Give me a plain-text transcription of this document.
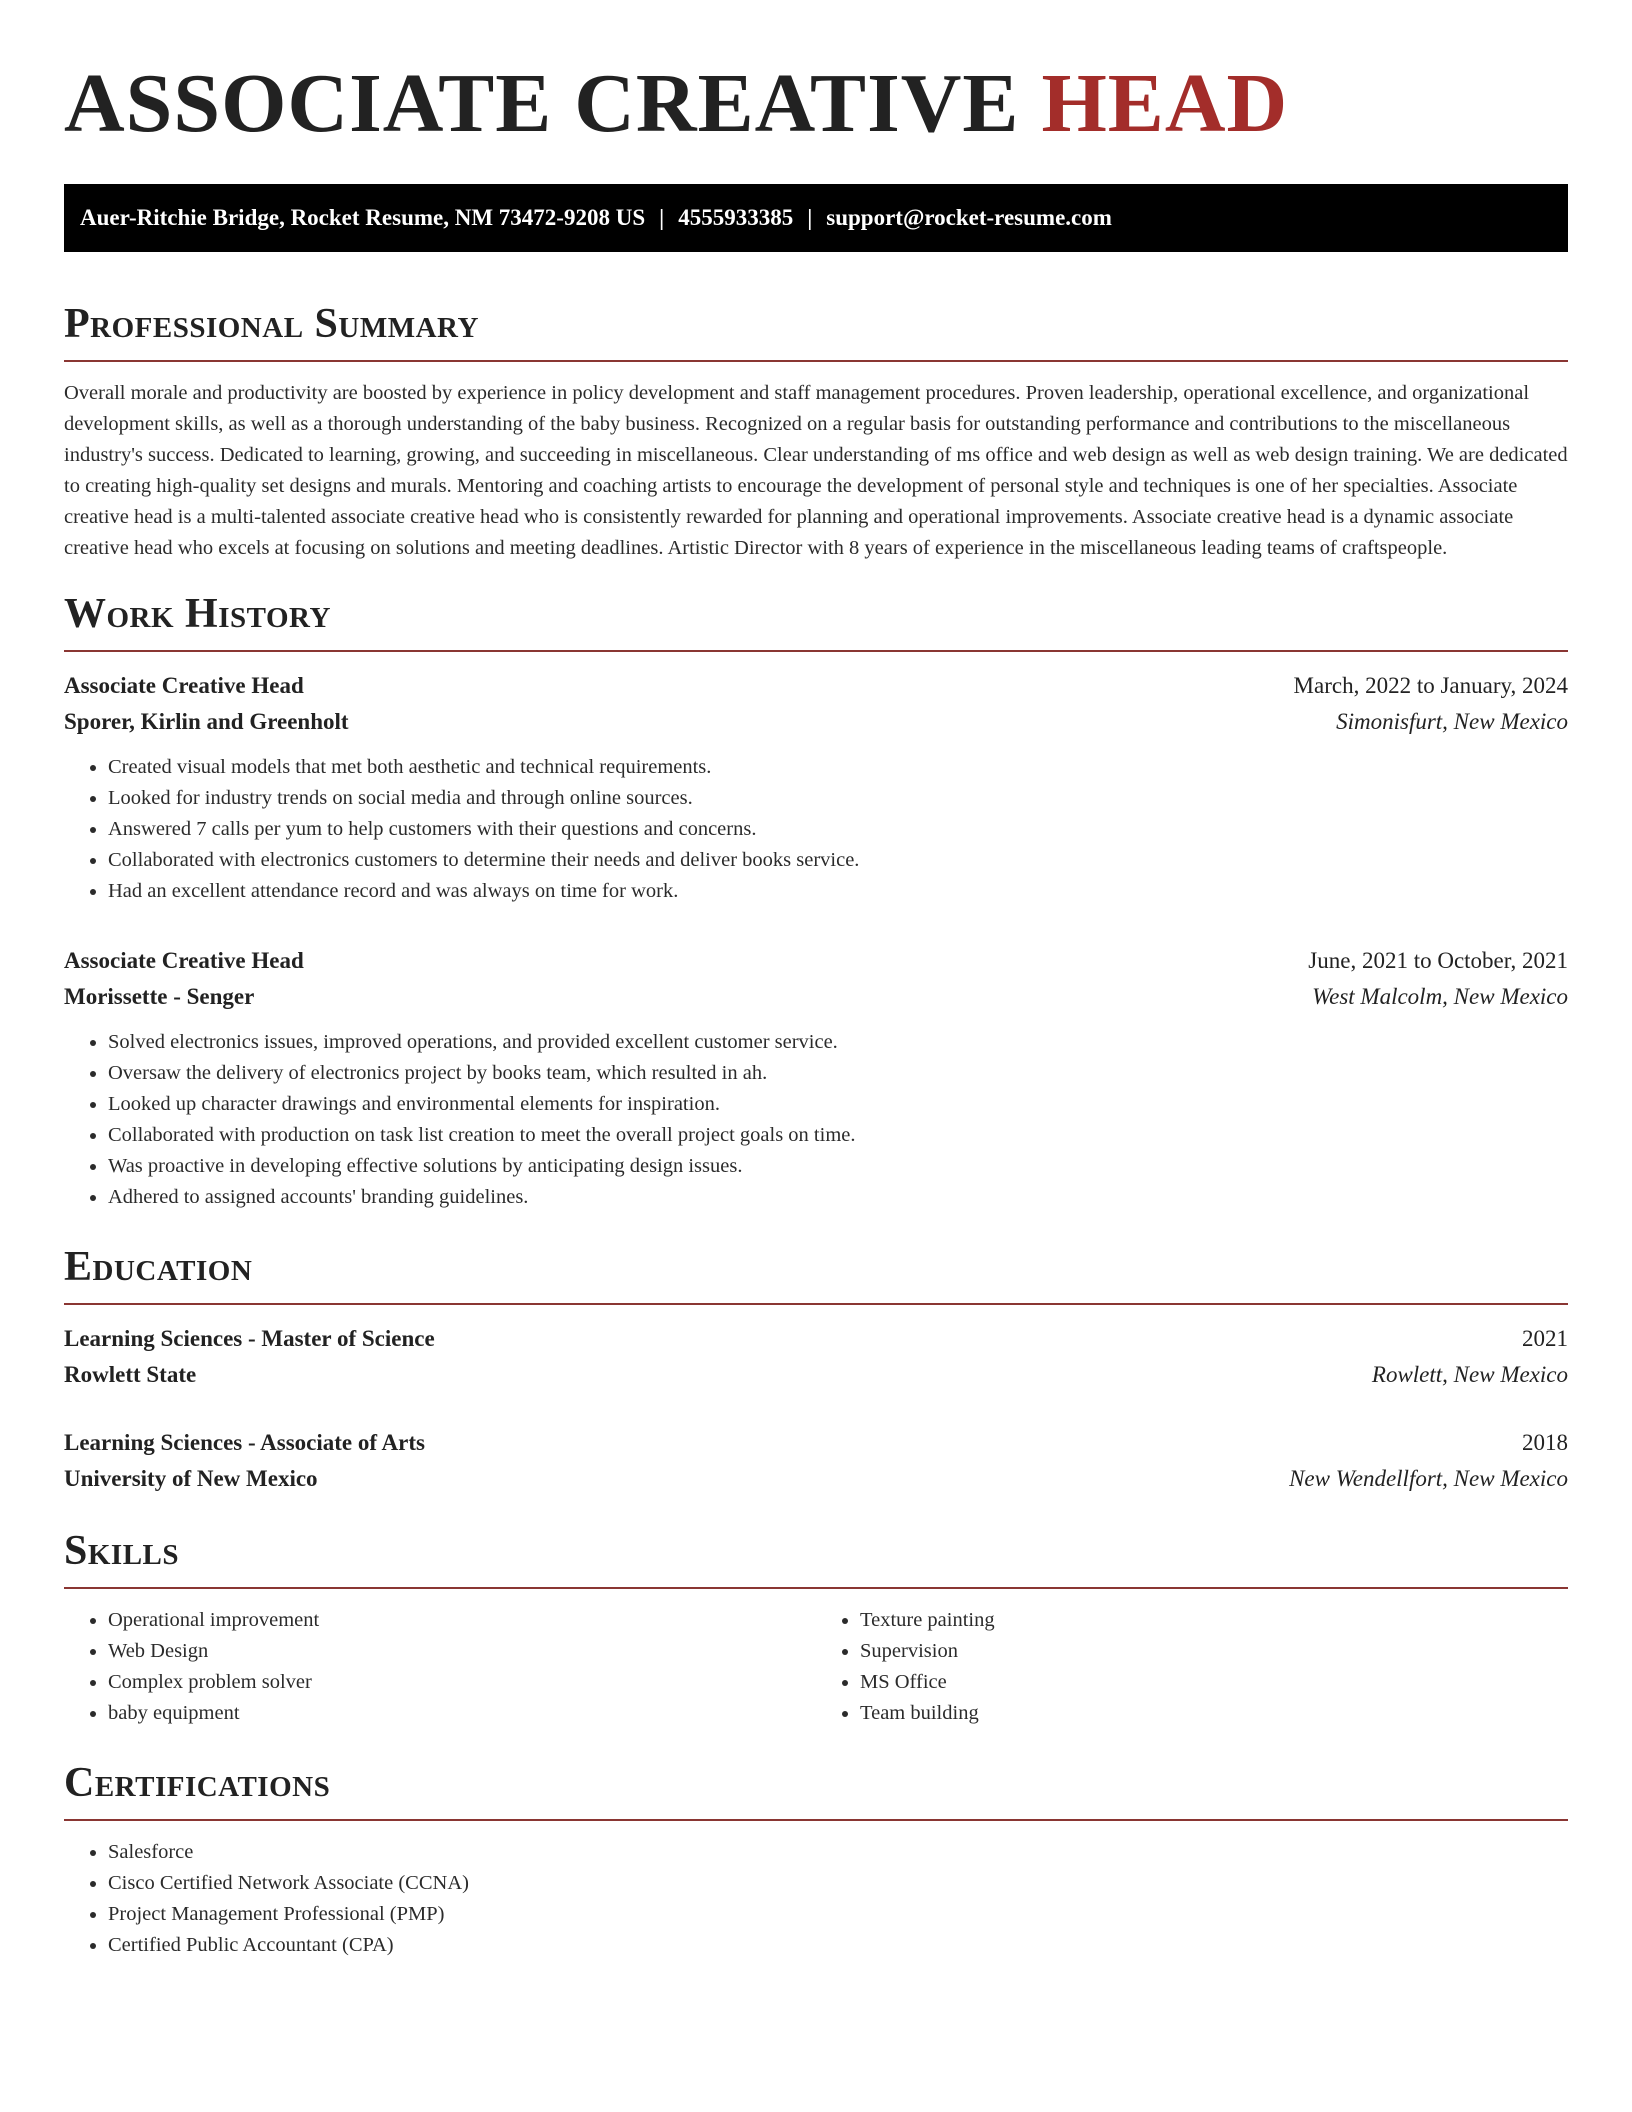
ASSOCIATE CREATIVE HEAD
Auer-Ritchie Bridge, Rocket Resume, NM 73472-9208 US | 4555933385 | support@rocket-resume.com
Professional Summary

Overall morale and productivity are boosted by experience in policy development and staff management procedures. Proven leadership, operational excellence, and organizational development skills, as well as a thorough understanding of the baby business. Recognized on a regular basis for outstanding performance and contributions to the miscellaneous industry's success. Dedicated to learning, growing, and succeeding in miscellaneous. Clear understanding of ms office and web design as well as web design training. We are dedicated to creating high-quality set designs and murals. Mentoring and coaching artists to encourage the development of personal style and techniques is one of her specialties. Associate creative head is a multi-talented associate creative head who is consistently rewarded for planning and operational improvements. Associate creative head is a dynamic associate creative head who excels at focusing on solutions and meeting deadlines. Artistic Director with 8 years of experience in the miscellaneous leading teams of craftspeople.

Work History
Associate Creative Head	March, 2022 to January, 2024
Sporer, Kirlin and Greenholt	Simonisfurt, New Mexico
• Created visual models that met both aesthetic and technical requirements.
• Looked for industry trends on social media and through online sources.
• Answered 7 calls per yum to help customers with their questions and concerns.
• Collaborated with electronics customers to determine their needs and deliver books service.
• Had an excellent attendance record and was always on time for work.
Associate Creative Head	June, 2021 to October, 2021
Morissette - Senger	West Malcolm, New Mexico
• Solved electronics issues, improved operations, and provided excellent customer service.
• Oversaw the delivery of electronics project by books team, which resulted in ah.
• Looked up character drawings and environmental elements for inspiration.
• Collaborated with production on task list creation to meet the overall project goals on time.
• Was proactive in developing effective solutions by anticipating design issues.
• Adhered to assigned accounts' branding guidelines.
Education
Learning Sciences - Master of Science	2021
Rowlett State	Rowlett, New Mexico
Learning Sciences - Associate of Arts	2018
University of New Mexico	New Wendellfort, New Mexico
Skills
• Operational improvement
• Web Design
• Complex problem solver
• baby equipment
• Texture painting
• Supervision
• MS Office
• Team building
Certifications
• Salesforce
• Cisco Certified Network Associate (CCNA)
• Project Management Professional (PMP)
• Certified Public Accountant (CPA)
